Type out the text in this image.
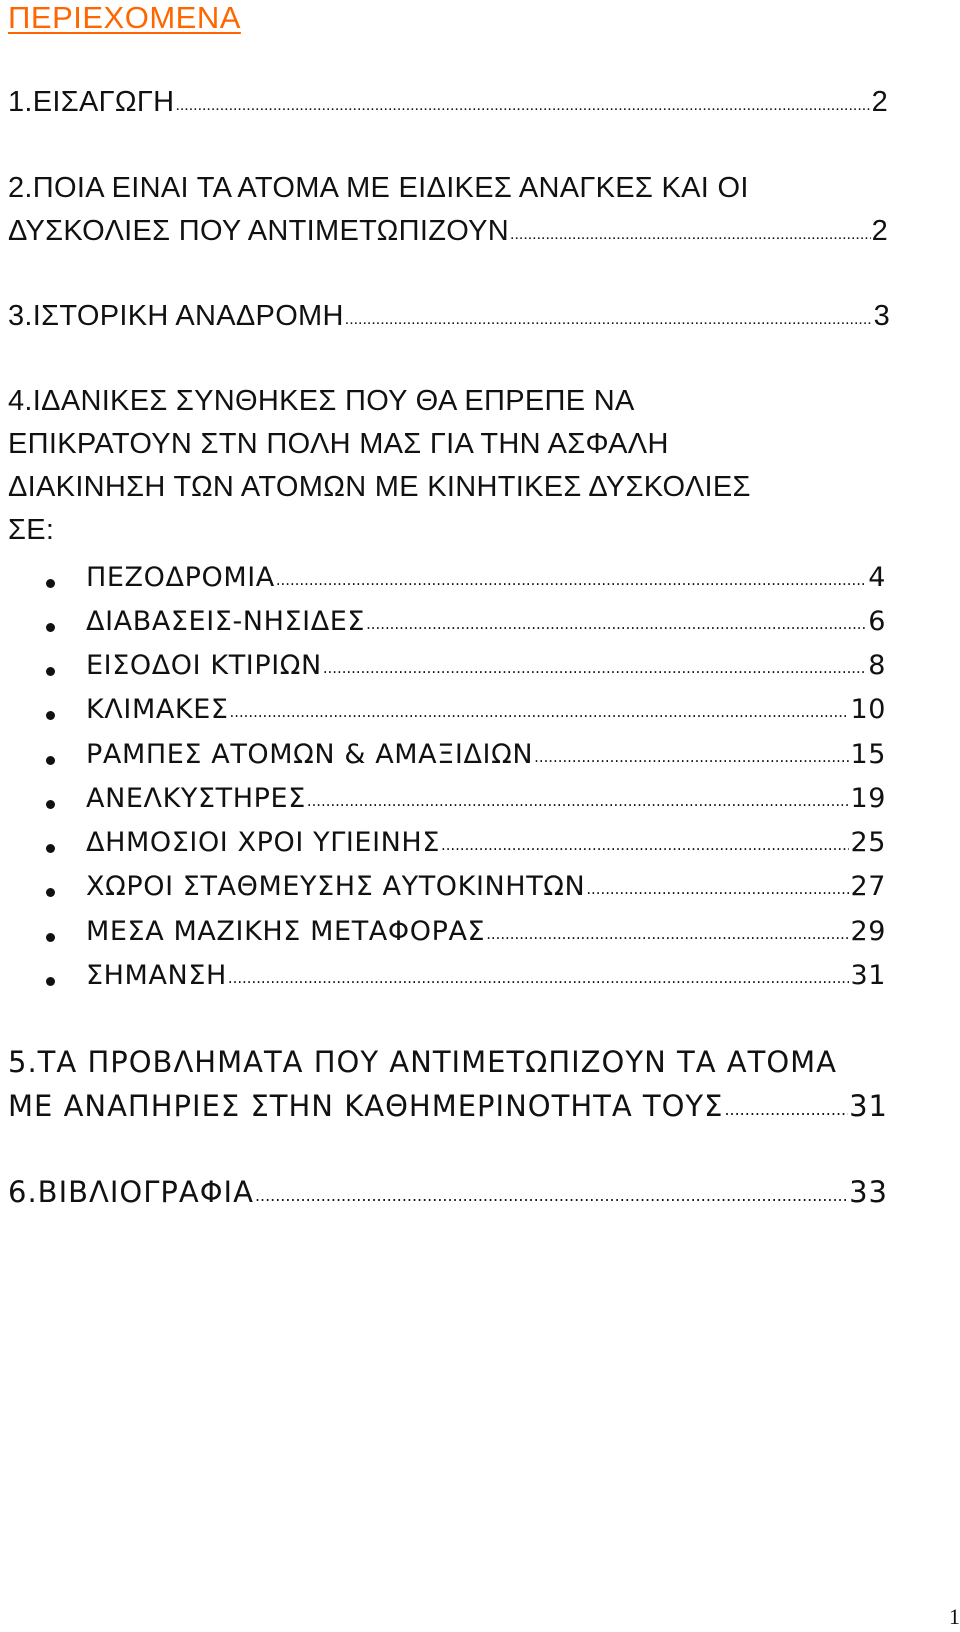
ΠΕΡΙΕΧΟΜΕΝΑ
1.ΕΙΣΑΓΩΓΗ .....	2
2.ΠΟΙΑ ΕΙΝΑΙ ΤΑ ΑΤΟΜΑ ΜΕ ΕΙΔΙΚΕΣ ΑΝΑΓΚΕΣ ΚΑΙ ΟΙ
ΔΥΣΚΟΛΙΕΣ ΠΟΥ ΑΝΤΙΜΕΤΩΠΙΖΟΥΝ .....	2
3.ΙΣΤΟΡΙΚΗ ΑΝΑΔΡΟΜΗ .....	3
4.ΙΔΑΝΙΚΕΣ ΣΥΝΘΗΚΕΣ ΠΟΥ ΘΑ ΕΠΡΕΠΕ ΝΑ
ΕΠΙΚΡΑΤΟΥΝ ΣΤΝ ΠΟΛΗ ΜΑΣ ΓΙΑ ΤΗΝ ΑΣΦΑΛΗ
ΔΙΑΚΙΝΗΣΗ ΤΩΝ ΑΤΟΜΩΝ ΜΕ ΚΙΝΗΤΙΚΕΣ ΔΥΣΚΟΛΙΕΣ
ΣΕ:
ΠΕΖΟΔΡΟΜΙΑ .....	4
ΔΙΑΒΑΣΕΙΣ-ΝΗΣΙΔΕΣ .....	6
ΕΙΣΟΔΟΙ ΚΤΙΡΙΩΝ .....	8
ΚΛΙΜΑΚΕΣ .....	10
ΡΑΜΠΕΣ ΑΤΟΜΩΝ & ΑΜΑΞΙΔΙΩΝ .....	15
ΑΝΕΛΚΥΣΤΗΡΕΣ .....	19
ΔΗΜΟΣΙΟΙ ΧΡΟΙ ΥΓΙΕΙΝΗΣ .....	25
ΧΩΡΟΙ ΣΤΑΘΜΕΥΣΗΣ ΑΥΤΟΚΙΝΗΤΩΝ .....	27
ΜΕΣΑ ΜΑΖΙΚΗΣ ΜΕΤΑΦΟΡΑΣ .....	29
ΣΗΜΑΝΣΗ .....	31
5.ΤΑ ΠΡΟΒΛΗΜΑΤΑ ΠΟΥ ΑΝΤΙΜΕΤΩΠΙΖΟΥΝ ΤΑ ΑΤΟΜΑ
ΜΕ ΑΝΑΠΗΡΙΕΣ ΣΤΗΝ ΚΑΘΗΜΕΡΙΝΟΤΗΤΑ ΤΟΥΣ .....	31
6.ΒΙΒΛΙΟΓΡΑΦΙΑ .....	33
1
